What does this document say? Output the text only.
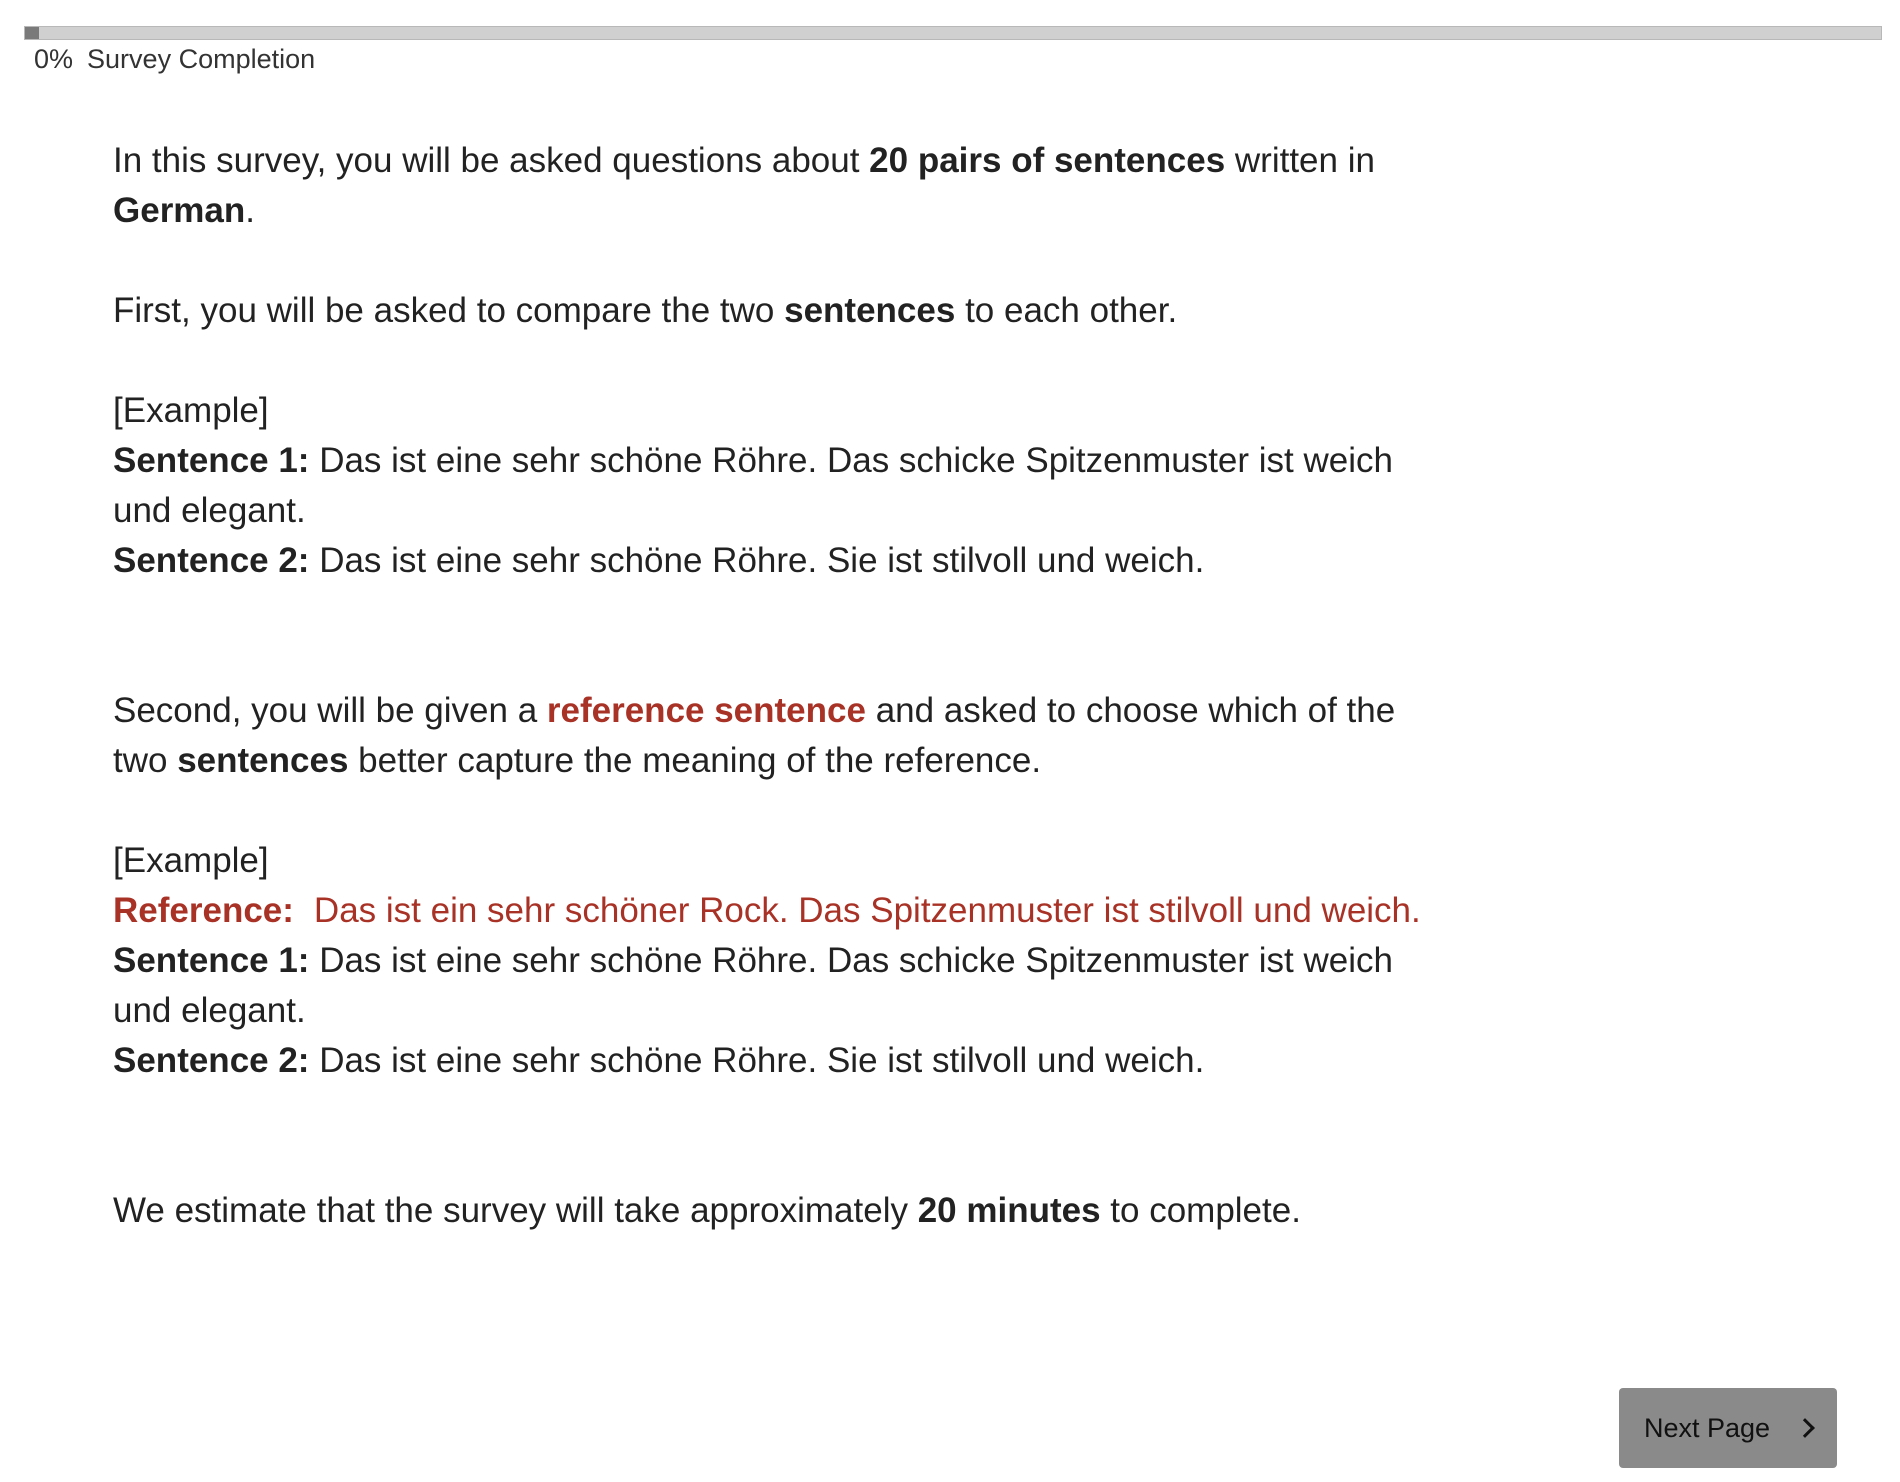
0% Survey Completion

In this survey, you will be asked questions about 20 pairs of sentences written in German.

First, you will be asked to compare the two sentences to each other.

[Example]

Sentence 1: Das ist eine sehr schöne Röhre. Das schicke Spitzenmuster ist weich und elegant.

Sentence 2: Das ist eine sehr schöne Röhre. Sie ist stilvoll und weich.

Second, you will be given a reference sentence and asked to choose which of the two sentences better capture the meaning of the reference.

[Example]

Reference: Das ist ein sehr schöner Rock. Das Spitzenmuster ist stilvoll und weich.

Sentence 1: Das ist eine sehr schöne Röhre. Das schicke Spitzenmuster ist weich und elegant.

Sentence 2: Das ist eine sehr schöne Röhre. Sie ist stilvoll und weich.

We estimate that the survey will take approximately 20 minutes to complete.

Next Page
